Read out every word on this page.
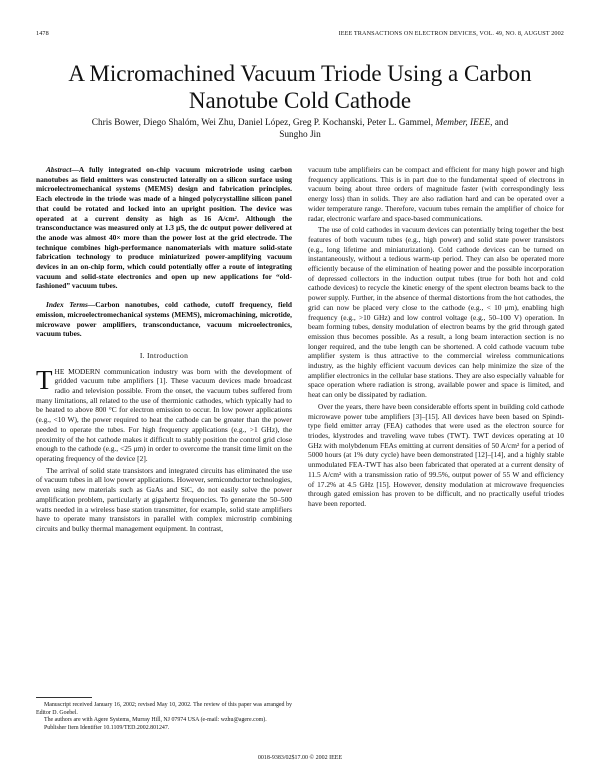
1478	IEEE TRANSACTIONS ON ELECTRON DEVICES, VOL. 49, NO. 8, AUGUST 2002
A Micromachined Vacuum Triode Using a Carbon
Nanotube Cold Cathode
Chris Bower, Diego Shalóm, Wei Zhu, Daniel López, Greg P. Kochanski, Peter L. Gammel, Member, IEEE, and
Sungho Jin

Abstract—A fully integrated on-chip vacuum microtriode using carbon nanotubes as field emitters was constructed laterally on a silicon surface using microelectromechanical systems (MEMS) design and fabrication principles. Each electrode in the triode was made of a hinged polycrystalline silicon panel that could be rotated and locked into an upright position. The device was operated at a current density as high as 16 A/cm². Although the transconductance was measured only at 1.3 μS, the dc output power delivered at the anode was almost 40× more than the power lost at the grid electrode. The technique combines high-performance nanomaterials with mature solid-state fabrication technology to produce miniaturized power-amplifying vacuum devices in an on-chip form, which could potentially offer a route of integrating vacuum and solid-state electronics and open up new applications for “old-fashioned” vacuum tubes.

Index Terms—Carbon nanotubes, cold cathode, cutoff frequency, field emission, microelectromechanical systems (MEMS), micromachining, microtide, microwave power amplifiers, transconductance, vacuum microelectronics, vacuum tubes.

I. Introduction

THE MODERN communication industry was born with the development of gridded vacuum tube amplifiers [1]. These vacuum devices made broadcast radio and television possible. From the onset, the vacuum tubes suffered from many limitations, all related to the use of thermionic cathodes, which typically had to be heated to above 800 °C for electron emission to occur. In low power applications (e.g., <10 W), the power required to heat the cathode can be greater than the power needed to operate the tubes. For high frequency applications (e.g., >1 GHz), the proximity of the hot cathode makes it difficult to stably position the control grid close enough to the cathode (e.g., <25 μm) in order to overcome the transit time limit on the operating frequency of the device [2].

The arrival of solid state transistors and integrated circuits has eliminated the use of vacuum tubes in all low power applications. However, semiconductor technologies, even using new materials such as GaAs and SiC, do not easily solve the power amplification problem, particularly at gigahertz frequencies. To generate the 50–500 watts needed in a wireless base station transmitter, for example, solid state amplifiers have to operate many transistors in parallel with complex microstrip combining circuits and bulky thermal management equipment. In contrast,

vacuum tube amplifieirs can be compact and efficient for many high power and high frequency applications. This is in part due to the fundamental speed of electrons in vacuum being about three orders of magnitude faster (with correspondingly less energy loss) than in solids. They are also radiation hard and can be operated over a wider temperature range. Therefore, vacuum tubes remain the amplifier of choice for radar, electronic warfare and space-based communications.

The use of cold cathodes in vacuum devices can potentially bring together the best features of both vacuum tubes (e.g., high power) and solid state power transistors (e.g., long lifetime and miniaturization). Cold cathode devices can be turned on instantaneously, without a tedious warm-up period. They can also be operated more efficiently because of the elimination of heating power and the possible incorporation of depressed collectors in the induction output tubes (true for both hot and cold cathode devices) to recycle the kinetic energy of the spent electron beams back to the power supply. Further, in the absence of thermal distortions from the hot cathodes, the grid can now be placed very close to the cathode (e.g., < 10 μm), enabling high frequency (e.g., >10 GHz) and low control voltage (e.g., 50–100 V) operation. In beam forming tubes, density modulation of electron beams by the grid through gated emission thus becomes possible. As a result, a long beam interaction section is no longer required, and the tube length can be shortened. A cold cathode vacuum tube amplifier system is thus attractive to the commercial wireless communications industry, as the highly efficient vacuum devices can help minimize the size of the amplifier electronics in the cellular base stations. They are also especially valuable for space operation where radiation is strong, available power and space is limited, and heat can only be dissipated by radiation.

Over the years, there have been considerable efforts spent in building cold cathode microwave power tube amplifiers [3]–[15]. All devices have been based on Spindt-type field emitter array (FEA) cathodes that were used as the electron source for triodes, klystrodes and traveling wave tubes (TWT). TWT devices operating at 10 GHz with molybdenum FEAs emitting at current densities of 50 A/cm² for a period of 5000 hours (at 1% duty cycle) have been demonstrated [12]–[14], and a highly stable unmodulated FEA-TWT has also been fabricated that operated at a current density of 11.5 A/cm² with a transmission ratio of 99.5%, output power of 55 W and efficiency of 17.2% at 4.5 GHz [15]. However, density modulation at microwave frequencies through gated emission has proven to be difficult, and no practically useful triodes have been reported.

Manuscript received January 16, 2002; revised May 10, 2002. The review of this paper was arranged by Editor D. Goebel.

The authors are with Agere Systems, Murray Hill, NJ 07974 USA (e-mail: wzhu@agere.com).

Publisher Item Identifier 10.1109/TED.2002.801247.

0018-9383/02$17.00 © 2002 IEEE
